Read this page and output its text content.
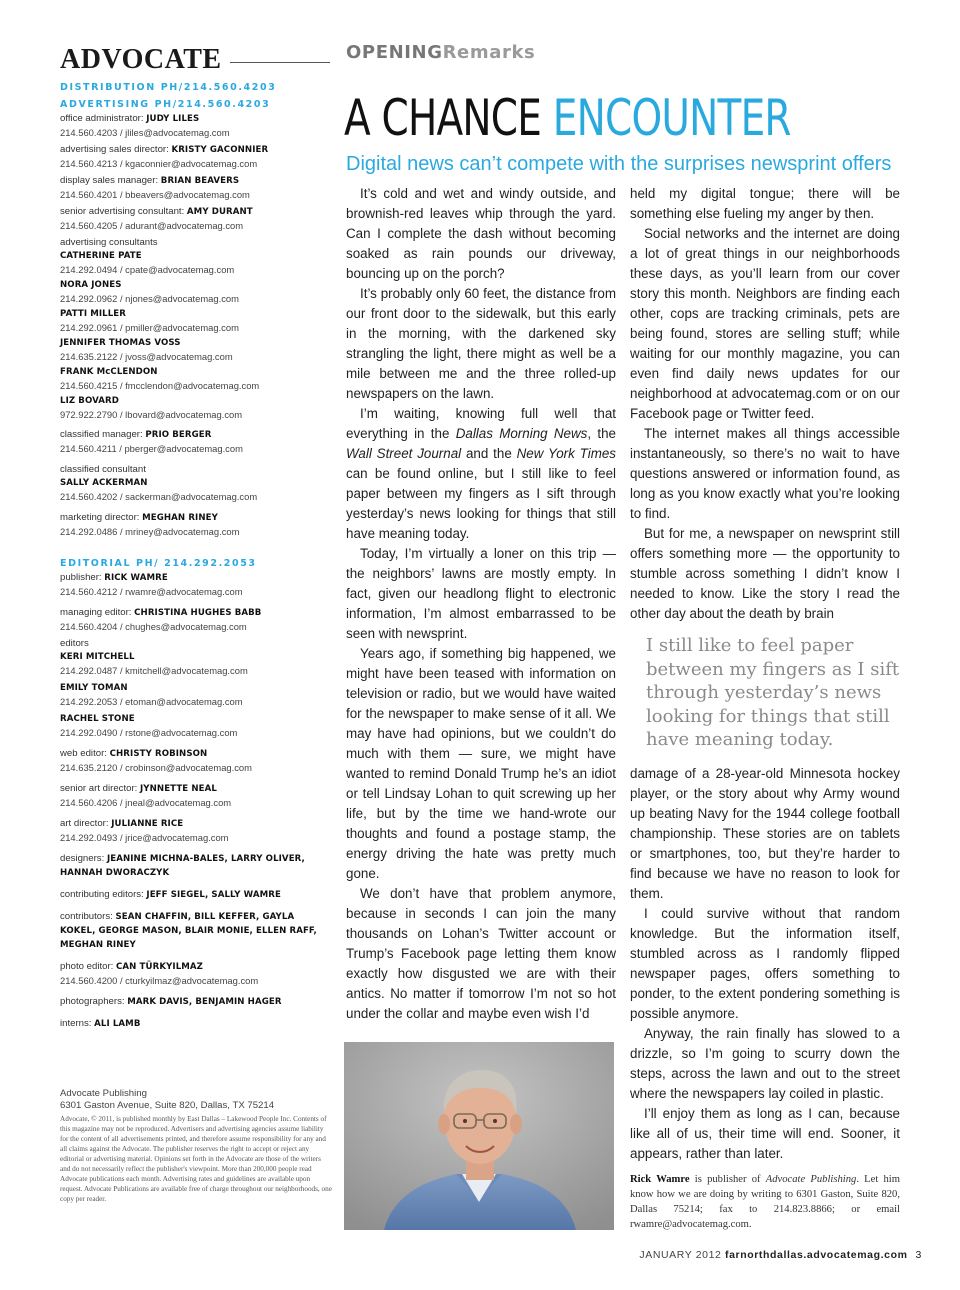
ADVOCATE
DISTRIBUTION PH/214.560.4203
ADVERTISING PH/214.560.4203
office administrator: JUDY LILES
214.560.4203 / jliles@advocatemag.com
advertising sales director: KRISTY GACONNIER
214.560.4213 / kgaconnier@advocatemag.com
display sales manager: BRIAN BEAVERS
214.560.4201 / bbeavers@advocatemag.com
senior advertising consultant: AMY DURANT
214.560.4205 / adurant@advocatemag.com
advertising consultants
CATHERINE PATE
214.292.0494 / cpate@advocatemag.com
NORA JONES
214.292.0962 / njones@advocatemag.com
PATTI MILLER
214.292.0961 / pmiller@advocatemag.com
JENNIFER THOMAS VOSS
214.635.2122 / jvoss@advocatemag.com
FRANK McCLENDON
214.560.4215 / fmcclendon@advocatemag.com
LIZ BOVARD
972.922.2790 / lbovard@advocatemag.com
classified manager: PRIO BERGER
214.560.4211 / pberger@advocatemag.com
classified consultant
SALLY ACKERMAN
214.560.4202 / sackerman@advocatemag.com
marketing director: MEGHAN RINEY
214.292.0486 / mriney@advocatemag.com
EDITORIAL PH/ 214.292.2053
publisher: RICK WAMRE
214.560.4212 / rwamre@advocatemag.com
managing editor: CHRISTINA HUGHES BABB
214.560.4204 / chughes@advocatemag.com
editors
KERI MITCHELL
214.292.0487 / kmitchell@advocatemag.com
EMILY TOMAN
214.292.2053 / etoman@advocatemag.com
RACHEL STONE
214.292.0490 / rstone@advocatemag.com
web editor: CHRISTY ROBINSON
214.635.2120 / crobinson@advocatemag.com
senior art director: JYNNETTE NEAL
214.560.4206 / jneal@advocatemag.com
art director: JULIANNE RICE
214.292.0493 / jrice@advocatemag.com
designers: JEANINE MICHNA-BALES, LARRY OLIVER, HANNAH DWORACZYK
contributing editors: JEFF SIEGEL, SALLY WAMRE
contributors: SEAN CHAFFIN, BILL KEFFER, GAYLA KOKEL, GEORGE MASON, BLAIR MONIE, ELLEN RAFF, MEGHAN RINEY
photo editor: CAN TÜRKYILMAZ
214.560.4200 / cturkyilmaz@advocatemag.com
photographers: MARK DAVIS, BENJAMIN HAGER
interns: ALI LAMB
Advocate Publishing
6301 Gaston Avenue, Suite 820, Dallas, TX 75214
Advocate, © 2011, is published monthly by East Dallas – Lakewood People Inc. Contents of this magazine may not be reproduced. Advertisers and advertising agencies assume liability for the content of all advertisements printed, and therefore assume responsibility for any and all claims against the Advocate. The publisher reserves the right to accept or reject any editorial or advertising material. Opinions set forth in the Advocate are those of the writers and do not necessarily reflect the publisher's viewpoint. More than 200,000 people read Advocate publications each month. Advertising rates and guidelines are available upon request. Advocate Publications are available free of charge throughout our neighborhoods, one copy per reader.
OPENINGRemarks
A CHANCE ENCOUNTER
Digital news can’t compete with the surprises newsprint offers

It’s cold and wet and windy outside, and brownish-red leaves whip through the yard. Can I complete the dash without becoming soaked as rain pounds our driveway, bouncing up on the porch?

It’s probably only 60 feet, the distance from our front door to the sidewalk, but this early in the morning, with the darkened sky strangling the light, there might as well be a mile between me and the three rolled-up newspapers on the lawn.

I’m waiting, knowing full well that everything in the Dallas Morning News, the Wall Street Journal and the New York Times can be found online, but I still like to feel paper between my fingers as I sift through yesterday’s news looking for things that still have meaning today.

Today, I’m virtually a loner on this trip — the neighbors’ lawns are mostly empty. In fact, given our headlong flight to electronic information, I’m almost embarrassed to be seen with newsprint.

Years ago, if something big happened, we might have been teased with information on television or radio, but we would have waited for the newspaper to make sense of it all. We may have had opinions, but we couldn’t do much with them — sure, we might have wanted to remind Donald Trump he’s an idiot or tell Lindsay Lohan to quit screwing up her life, but by the time we hand-wrote our thoughts and found a postage stamp, the energy driving the hate was pretty much gone.

We don’t have that problem anymore, because in seconds I can join the many thousands on Lohan’s Twitter account or Trump’s Facebook page letting them know exactly how disgusted we are with their antics. No matter if tomorrow I’m not so hot under the collar and maybe even wish I’d

held my digital tongue; there will be something else fueling my anger by then.

Social networks and the internet are doing a lot of great things in our neighborhoods these days, as you’ll learn from our cover story this month. Neighbors are finding each other, cops are tracking criminals, pets are being found, stores are selling stuff; while waiting for our monthly magazine, you can even find daily news updates for our neighborhood at advocatemag.com or on our Facebook page or Twitter feed.

The internet makes all things accessible instantaneously, so there’s no wait to have questions answered or information found, as long as you know exactly what you’re looking to find.

But for me, a newspaper on newsprint still offers something more — the opportunity to stumble across something I didn’t know I needed to know. Like the story I read the other day about the death by brain

I still like to feel paper between my fingers as I sift through yesterday’s news looking for things that still have meaning today.

damage of a 28-year-old Minnesota hockey player, or the story about why Army wound up beating Navy for the 1944 college football championship. These stories are on tablets or smartphones, too, but they’re harder to find because we have no reason to look for them.

I could survive without that random knowledge. But the information itself, stumbled across as I randomly flipped newspaper pages, offers something to ponder, to the extent pondering something is possible anymore.

Anyway, the rain finally has slowed to a drizzle, so I’m going to scurry down the steps, across the lawn and out to the street where the newspapers lay coiled in plastic.

I’ll enjoy them as long as I can, because like all of us, their time will end. Sooner, it appears, rather than later.

Rick Wamre is publisher of Advocate Publishing. Let him know how we are doing by writing to 6301 Gaston, Suite 820, Dallas 75214; fax to 214.823.8866; or email rwamre@advocatemag.com.
JANUARY 2012 farnorthdallas.advocatemag.com 3
